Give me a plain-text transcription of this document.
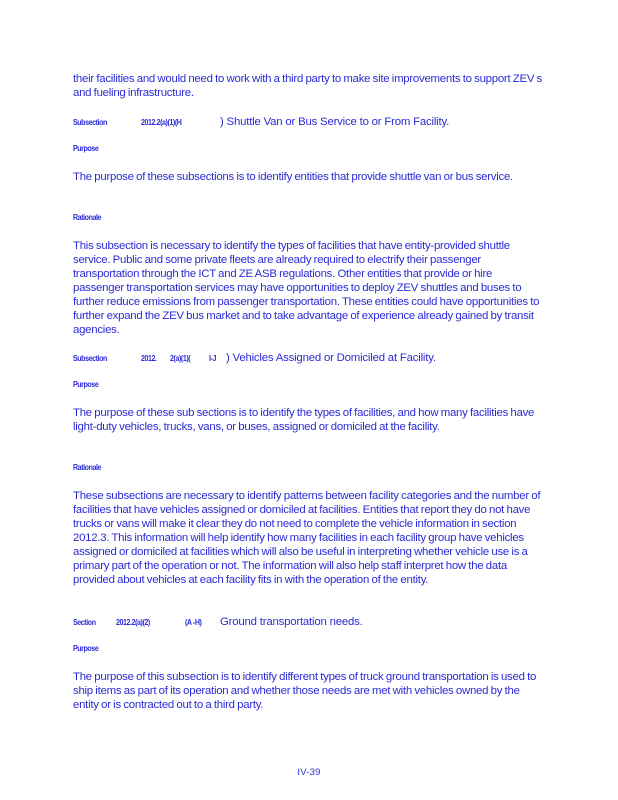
their facilities and would need to work with a third party to make site improvements to support ZEV s and fueling infrastructure.

Subsection	2012.2(a)(1)(H	) Shuttle Van or Bus Service to or From Facility.

Purpose

The purpose of these subsections is to identify entities that provide shuttle van or bus service.

Rationale

This subsection is necessary to identify the types of facilities that have entity-provided shuttle service. Public and some private fleets are already required to electrify their passenger transportation through the ICT and ZE ASB regulations. Other entities that provide or hire passenger transportation services may have opportunities to deploy ZEV shuttles and buses to further reduce emissions from passenger transportation. These entities could have opportunities to further expand the ZEV bus market and to take advantage of experience already gained by transit agencies.

Subsection	2012. 2(a)(1)( I-J ) Vehicles Assigned or Domiciled at Facility.

Purpose

The purpose of these sub sections is to identify the types of facilities, and how many facilities have light-duty vehicles, trucks, vans, or buses, assigned or domiciled at the facility.

Rationale

These subsections are necessary to identify patterns between facility categories and the number of facilities that have vehicles assigned or domiciled at facilities. Entities that report they do not have trucks or vans will make it clear they do not need to complete the vehicle information in section 2012.3. This information will help identify how many facilities in each facility group have vehicles assigned or domiciled at facilities which will also be useful in interpreting whether vehicle use is a primary part of the operation or not. The information will also help staff interpret how the data provided about vehicles at each facility fits in with the operation of the entity.

Section 2012.2(a)(2)	(A -H) Ground transportation needs.

Purpose

The purpose of this subsection is to identify different types of truck ground transportation is used to ship items as part of its operation and whether those needs are met with vehicles owned by the entity or is contracted out to a third party.

IV-39
